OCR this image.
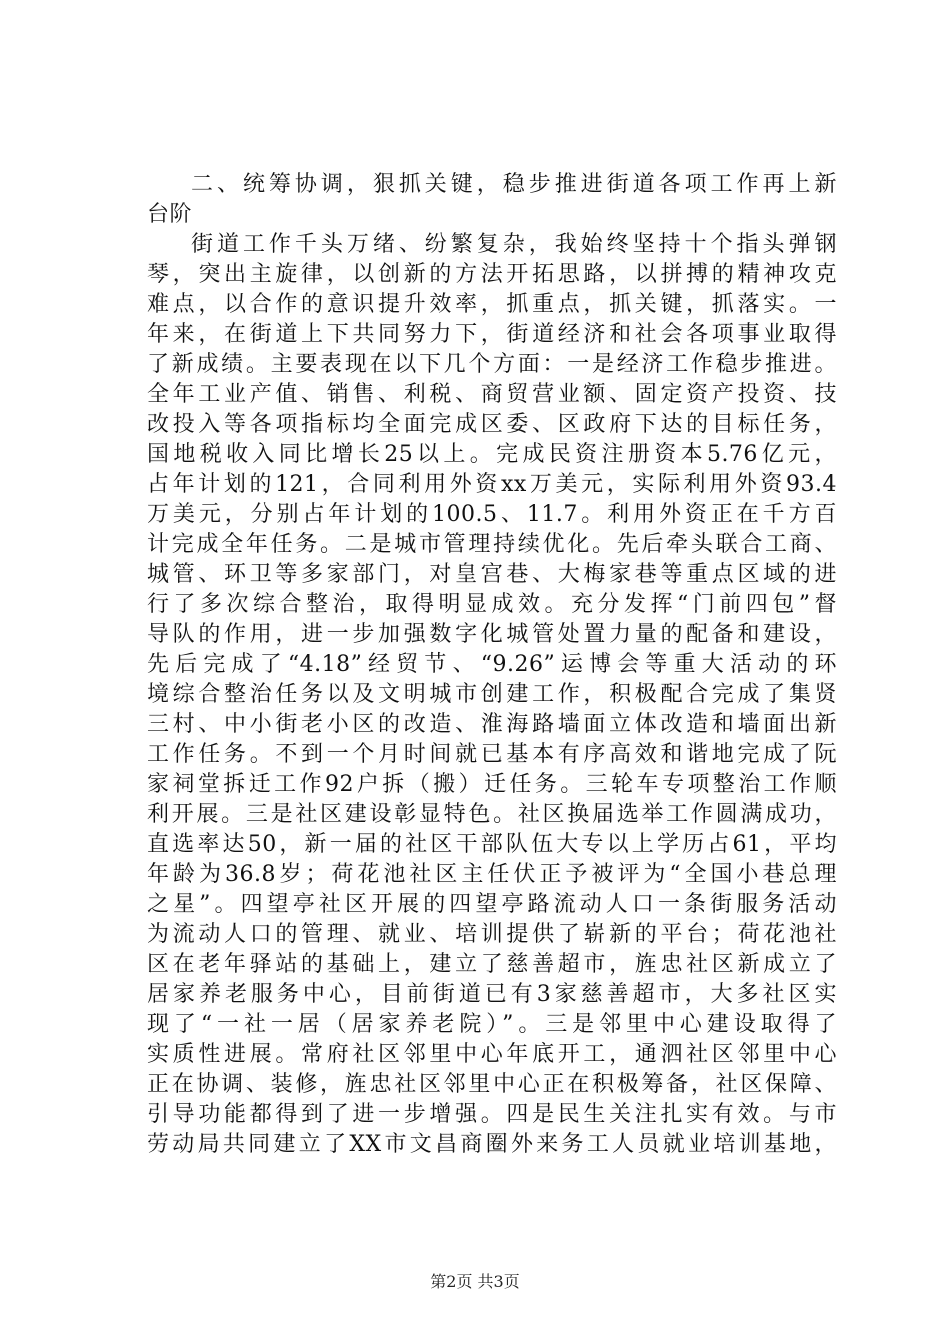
二、统筹协调，狠抓关键，稳步推进街道各项工作再上新
台阶
街道工作千头万绪、纷繁复杂，我始终坚持十个指头弹钢
琴，突出主旋律，以创新的方法开拓思路，以拼搏的精神攻克
难点，以合作的意识提升效率，抓重点，抓关键，抓落实。一
年来，在街道上下共同努力下，街道经济和社会各项事业取得
了新成绩。主要表现在以下几个方面：一是经济工作稳步推进。
全年工业产值、销售、利税、商贸营业额、固定资产投资、技
改投入等各项指标均全面完成区委、区政府下达的目标任务，
国地税收入同比增长25以上。完成民资注册资本5.76亿元，
占年计划的121，合同利用外资xx万美元，实际利用外资93.4
万美元，分别占年计划的100.5、11.7。利用外资正在千方百
计完成全年任务。二是城市管理持续优化。先后牵头联合工商、
城管、环卫等多家部门，对皇宫巷、大梅家巷等重点区域的进
行了多次综合整治，取得明显成效。充分发挥“门前四包”督
导队的作用，进一步加强数字化城管处置力量的配备和建设，
先后完成了“4.18”经贸节、“9.26”运博会等重大活动的环
境综合整治任务以及文明城市创建工作，积极配合完成了集贤
三村、中小街老小区的改造、淮海路墙面立体改造和墙面出新
工作任务。不到一个月时间就已基本有序高效和谐地完成了阮
家祠堂拆迁工作92户拆（搬）迁任务。三轮车专项整治工作顺
利开展。三是社区建设彰显特色。社区换届选举工作圆满成功，
直选率达50，新一届的社区干部队伍大专以上学历占61，平均
年龄为36.8岁；荷花池社区主任伏正予被评为“全国小巷总理
之星”。四望亭社区开展的四望亭路流动人口一条街服务活动
为流动人口的管理、就业、培训提供了崭新的平台；荷花池社
区在老年驿站的基础上，建立了慈善超市，旌忠社区新成立了
居家养老服务中心，目前街道已有3家慈善超市，大多社区实
现了“一社一居（居家养老院）”。三是邻里中心建设取得了
实质性进展。常府社区邻里中心年底开工，通泗社区邻里中心
正在协调、装修，旌忠社区邻里中心正在积极筹备，社区保障、
引导功能都得到了进一步增强。四是民生关注扎实有效。与市
劳动局共同建立了XX市文昌商圈外来务工人员就业培训基地，
第2页 共3页
